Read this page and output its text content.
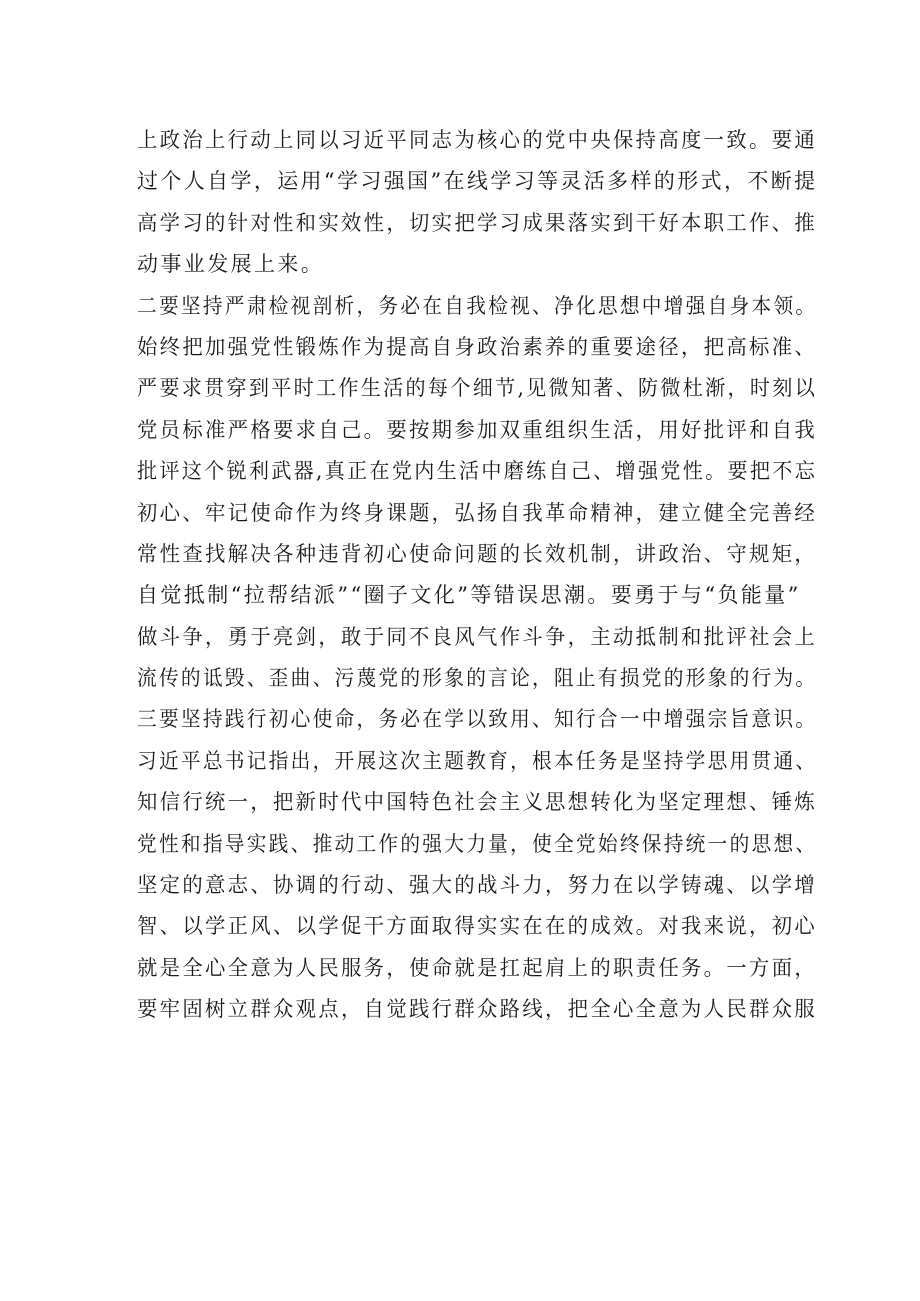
上政治上行动上同以习近平同志为核心的党中央保持高度一致。要通
过个人自学，运用“学习强国”在线学习等灵活多样的形式，不断提
高学习的针对性和实效性，切实把学习成果落实到干好本职工作、推
动事业发展上来。
二要坚持严肃检视剖析，务必在自我检视、净化思想中增强自身本领。
始终把加强党性锻炼作为提高自身政治素养的重要途径，把高标准、
严要求贯穿到平时工作生活的每个细节,见微知著、防微杜渐，时刻以
党员标准严格要求自己。要按期参加双重组织生活，用好批评和自我
批评这个锐利武器,真正在党内生活中磨练自己、增强党性。要把不忘
初心、牢记使命作为终身课题，弘扬自我革命精神，建立健全完善经
常性查找解决各种违背初心使命问题的长效机制，讲政治、守规矩，
自觉抵制“拉帮结派”“圈子文化”等错误思潮。要勇于与“负能量”
做斗争，勇于亮剑，敢于同不良风气作斗争，主动抵制和批评社会上
流传的诋毁、歪曲、污蔑党的形象的言论，阻止有损党的形象的行为。
三要坚持践行初心使命，务必在学以致用、知行合一中增强宗旨意识。
习近平总书记指出，开展这次主题教育，根本任务是坚持学思用贯通、
知信行统一，把新时代中国特色社会主义思想转化为坚定理想、锤炼
党性和指导实践、推动工作的强大力量，使全党始终保持统一的思想、
坚定的意志、协调的行动、强大的战斗力，努力在以学铸魂、以学增
智、以学正风、以学促干方面取得实实在在的成效。对我来说，初心
就是全心全意为人民服务，使命就是扛起肩上的职责任务。一方面，
要牢固树立群众观点，自觉践行群众路线，把全心全意为人民群众服
